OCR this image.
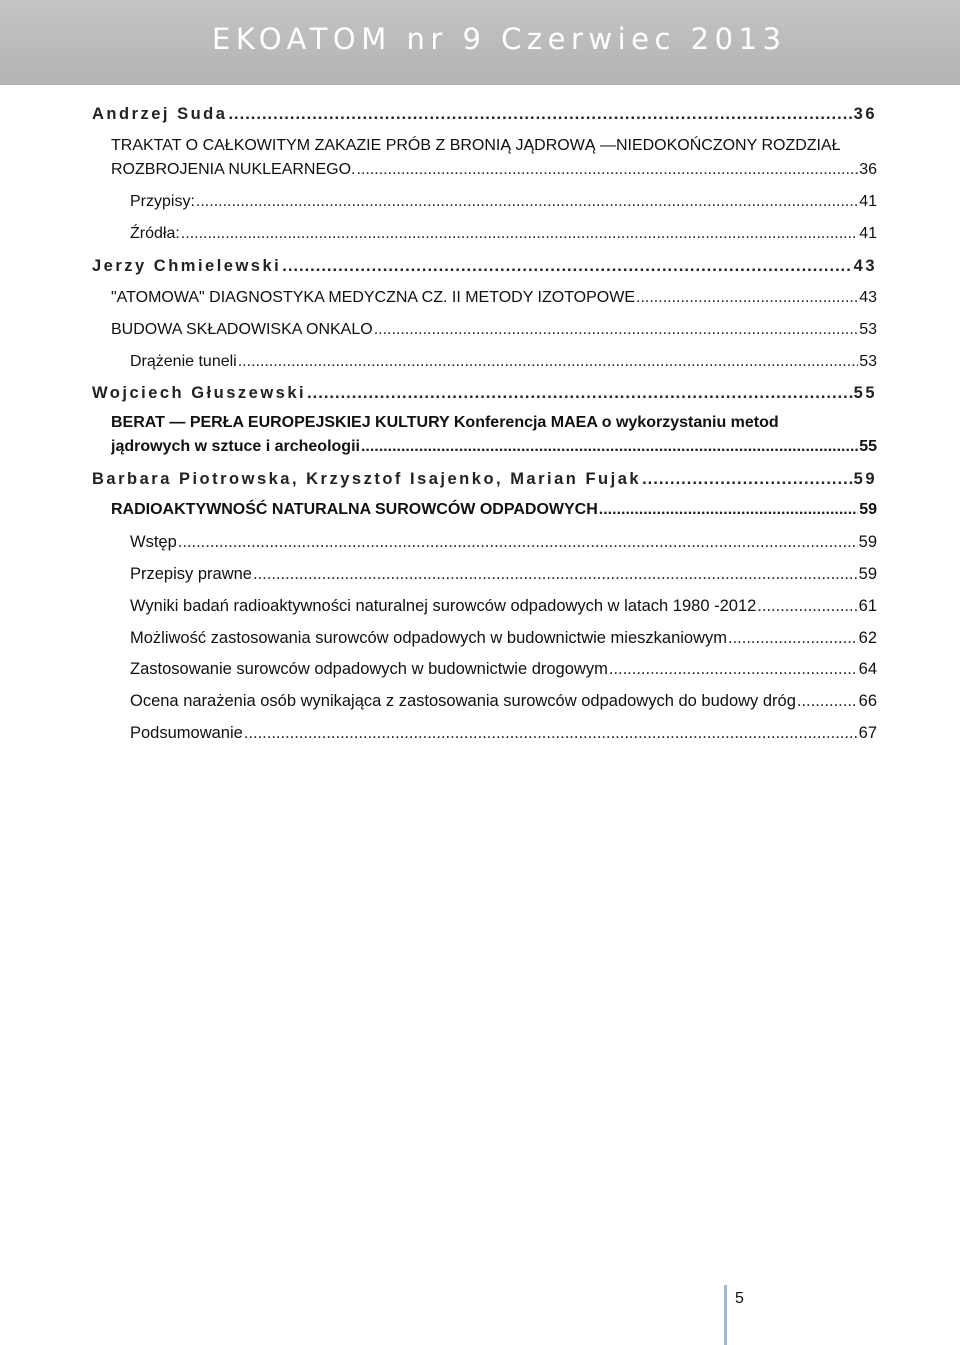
EKOATOM nr 9 Czerwiec 2013
Andrzej Suda .....	36
TRAKTAT O CAŁKOWITYM ZAKAZIE PRÓB Z BRONIĄ JĄDROWĄ —NIEDOKOŃCZONY ROZDZIAŁ
ROZBROJENIA NUKLEARNEGO. .....	36
Przypisy: .....	41
Źródła: .....	41
Jerzy Chmielewski .....	43
"ATOMOWA" DIAGNOSTYKA MEDYCZNA CZ. II METODY IZOTOPOWE .....	43
BUDOWA SKŁADOWISKA ONKALO .....	53
Drążenie tuneli .....	53
Wojciech Głuszewski .....	55
BERAT — PERŁA EUROPEJSKIEJ KULTURY Konferencja MAEA o wykorzystaniu metod
jądrowych w sztuce i archeologii .....	55
Barbara Piotrowska, Krzysztof Isajenko, Marian Fujak .....	59
RADIOAKTYWNOŚĆ NATURALNA SUROWCÓW ODPADOWYCH .....	59
Wstęp .....	59
Przepisy prawne .....	59
Wyniki badań radioaktywności naturalnej surowców odpadowych w latach 1980 -2012 .....	61
Możliwość zastosowania surowców odpadowych w budownictwie mieszkaniowym .....	62
Zastosowanie surowców odpadowych w budownictwie drogowym .....	64
Ocena narażenia osób wynikająca z zastosowania surowców odpadowych do budowy dróg .....	66
Podsumowanie .....	67
5
